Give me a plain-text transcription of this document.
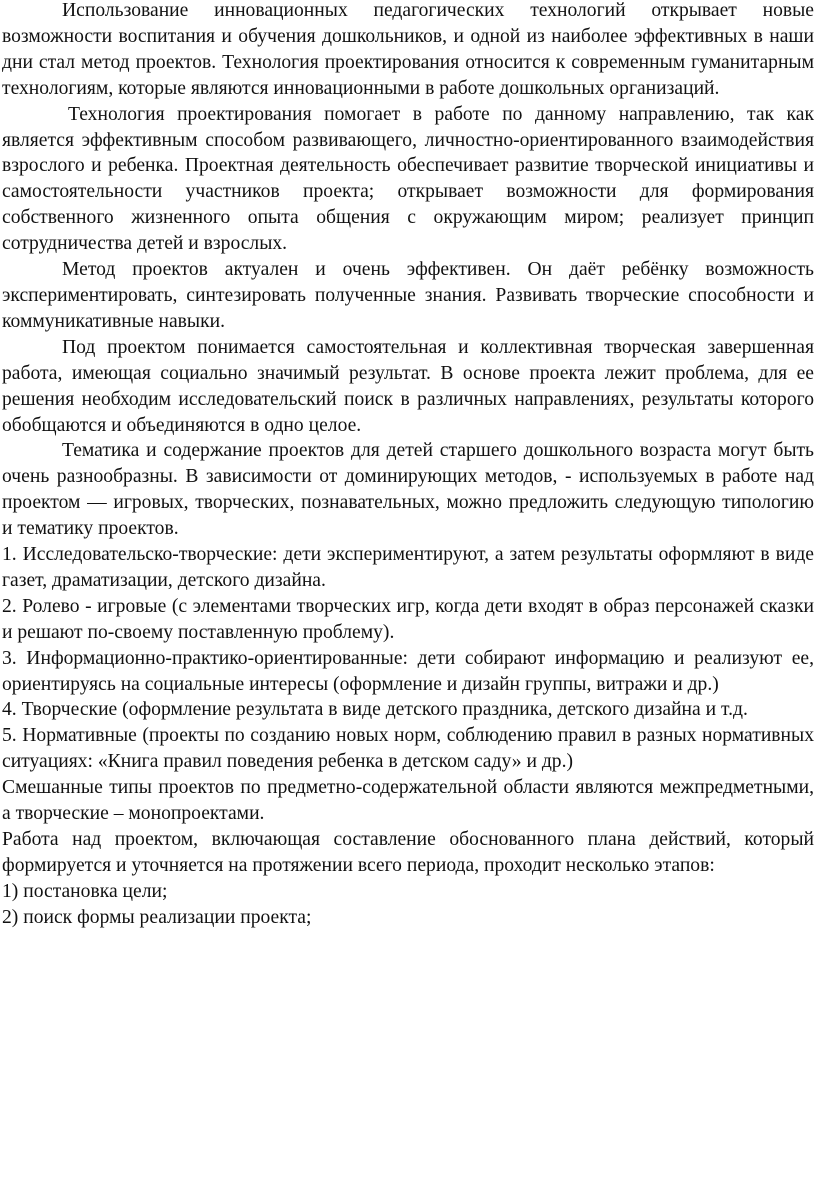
Использование инновационных педагогических технологий открывает новые возможности воспитания и обучения дошкольников, и одной из наиболее эффективных в наши дни стал метод проектов. Технология проектирования относится к современным гуманитарным технологиям, которые являются инновационными в работе дошкольных организаций.

Технология проектирования помогает в работе по данному направлению, так как является эффективным способом развивающего, личностно-ориентированного взаимодействия взрослого и ребенка. Проектная деятельность обеспечивает развитие творческой инициативы и самостоятельности участников проекта; открывает возможности для формирования собственного жизненного опыта общения с окружающим миром; реализует принцип сотрудничества детей и взрослых.

Метод проектов актуален и очень эффективен. Он даёт ребёнку возможность экспериментировать, синтезировать полученные знания. Развивать творческие способности и коммуникативные навыки.

Под проектом понимается самостоятельная и коллективная творческая завершенная работа, имеющая социально значимый результат. В основе проекта лежит проблема, для ее решения необходим исследовательский поиск в различных направлениях, результаты которого обобщаются и объединяются в одно целое.

Тематика и содержание проектов для детей старшего дошкольного возраста могут быть очень разнообразны. В зависимости от доминирующих методов, - используемых в работе над проектом — игровых, творческих, познавательных, можно предложить следующую типологию и тематику проектов.

1. Исследовательско-творческие: дети экспериментируют, а затем результаты оформляют в виде газет, драматизации, детского дизайна.

2. Ролево - игровые (с элементами творческих игр, когда дети входят в образ персонажей сказки и решают по-своему поставленную проблему).

3. Информационно-практико-ориентированные: дети собирают информацию и реализуют ее, ориентируясь на социальные интересы (оформление и дизайн группы, витражи и др.)

4. Творческие (оформление результата в виде детского праздника, детского дизайна и т.д.

5. Нормативные (проекты по созданию новых норм, соблюдению правил в разных нормативных ситуациях: «Книга правил поведения ребенка в детском саду» и др.)

Смешанные типы проектов по предметно-содержательной области являются межпредметными, а творческие – монопроектами.

Работа над проектом, включающая составление обоснованного плана действий, который формируется и уточняется на протяжении всего периода, проходит несколько этапов:

1) постановка цели;

2) поиск формы реализации проекта;
